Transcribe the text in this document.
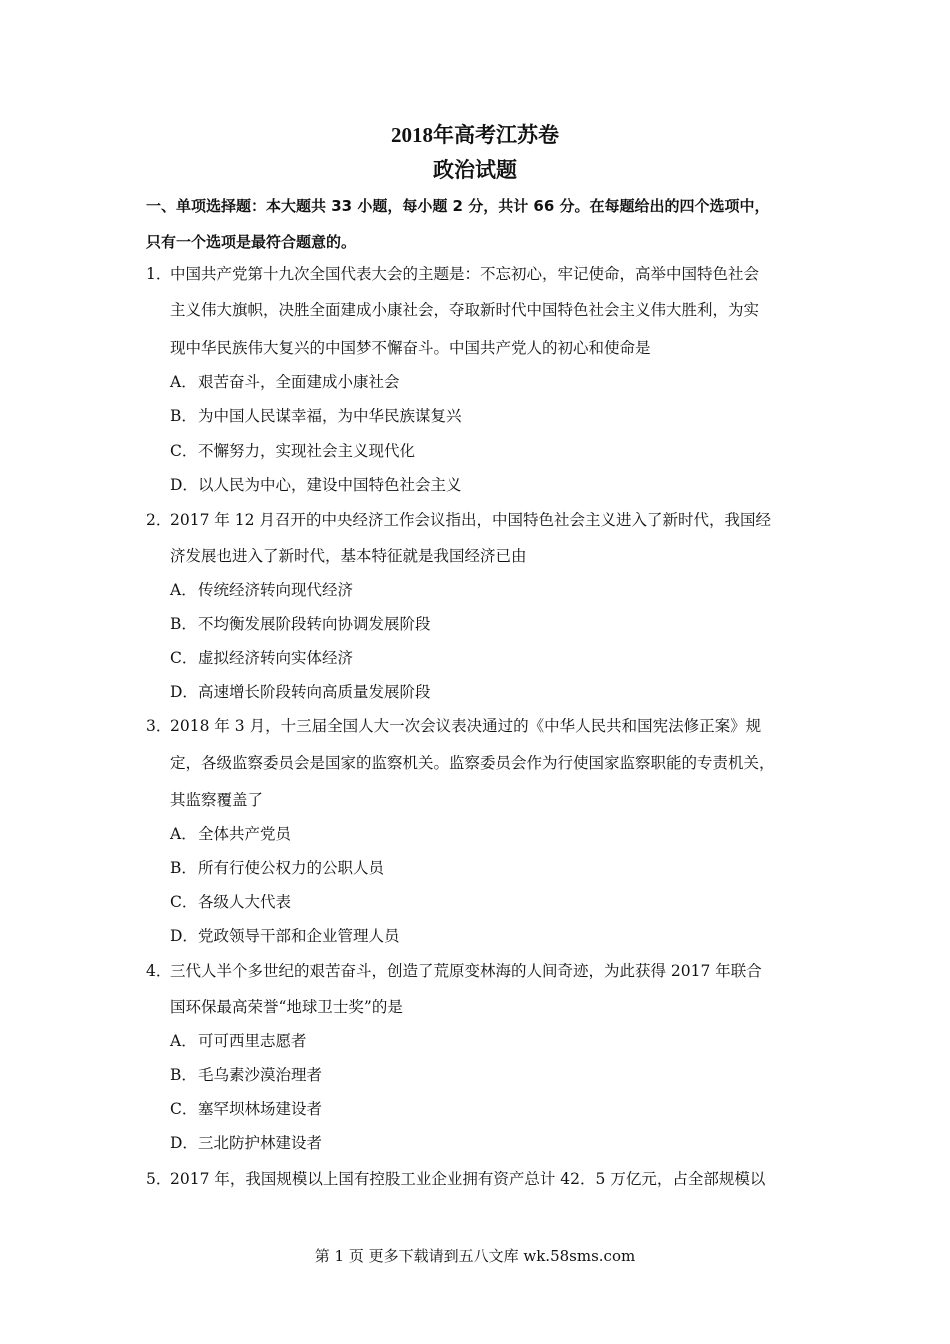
2018年高考江苏卷
政治试题
一、单项选择题：本大题共 33 小题，每小题 2 分，共计 66 分。在每题给出的四个选项中，
只有一个选项是最符合题意的。
1．中国共产党第十九次全国代表大会的主题是：不忘初心，牢记使命，高举中国特色社会
主义伟大旗帜，决胜全面建成小康社会，夺取新时代中国特色社会主义伟大胜利，为实
现中华民族伟大复兴的中国梦不懈奋斗。中国共产党人的初心和使命是
A．艰苦奋斗，全面建成小康社会
B．为中国人民谋幸福，为中华民族谋复兴
C．不懈努力，实现社会主义现代化
D．以人民为中心，建设中国特色社会主义
2．2017 年 12 月召开的中央经济工作会议指出，中国特色社会主义进入了新时代，我国经
济发展也进入了新时代，基本特征就是我国经济已由
A．传统经济转向现代经济
B．不均衡发展阶段转向协调发展阶段
C．虚拟经济转向实体经济
D．高速增长阶段转向高质量发展阶段
3．2018 年 3 月，十三届全国人大一次会议表决通过的《中华人民共和国宪法修正案》规
定，各级监察委员会是国家的监察机关。监察委员会作为行使国家监察职能的专责机关，
其监察覆盖了
A．全体共产党员
B．所有行使公权力的公职人员
C．各级人大代表
D．党政领导干部和企业管理人员
4．三代人半个多世纪的艰苦奋斗，创造了荒原变林海的人间奇迹，为此获得 2017 年联合
国环保最高荣誉“地球卫士奖”的是
A．可可西里志愿者
B．毛乌素沙漠治理者
C．塞罕坝林场建设者
D．三北防护林建设者
5．2017 年，我国规模以上国有控股工业企业拥有资产总计 42．5 万亿元，占全部规模以
第 1 页 更多下载请到五八文库 wk.58sms.com
